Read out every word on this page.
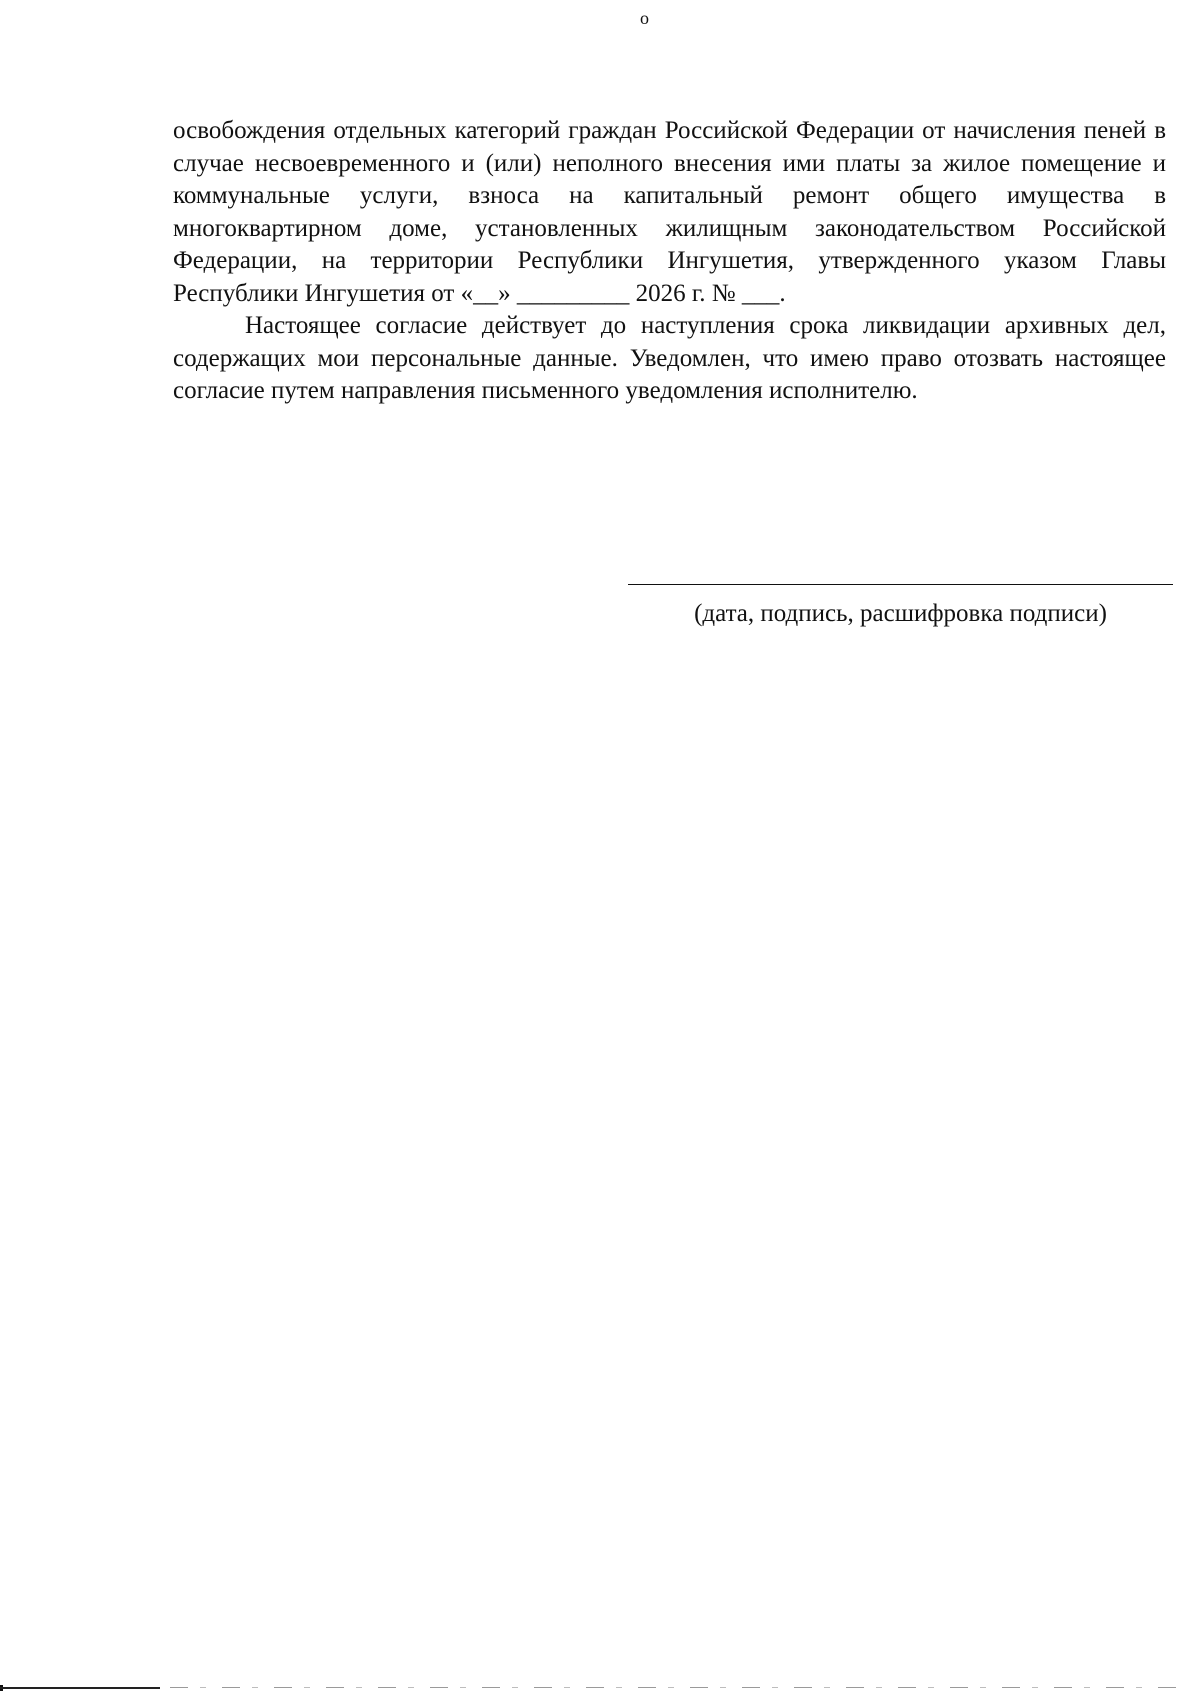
о

освобождения отдельных категорий граждан Российской Федерации от начисления пеней в случае несвоевременного и (или) неполного внесения ими платы за жилое помещение и коммунальные услуги, взноса на капитальный ремонт общего имущества в многоквартирном доме, установленных жилищным законодательством Российской Федерации, на территории Республики Ингушетия, утвержденного указом Главы Республики Ингушетия от «__» _________ 2026 г. № ___.

Настоящее согласие действует до наступления срока ликвидации архивных дел, содержащих мои персональные данные. Уведомлен, что имею право отозвать настоящее согласие путем направления письменного уведомления исполнителю.

(дата, подпись, расшифровка подписи)
